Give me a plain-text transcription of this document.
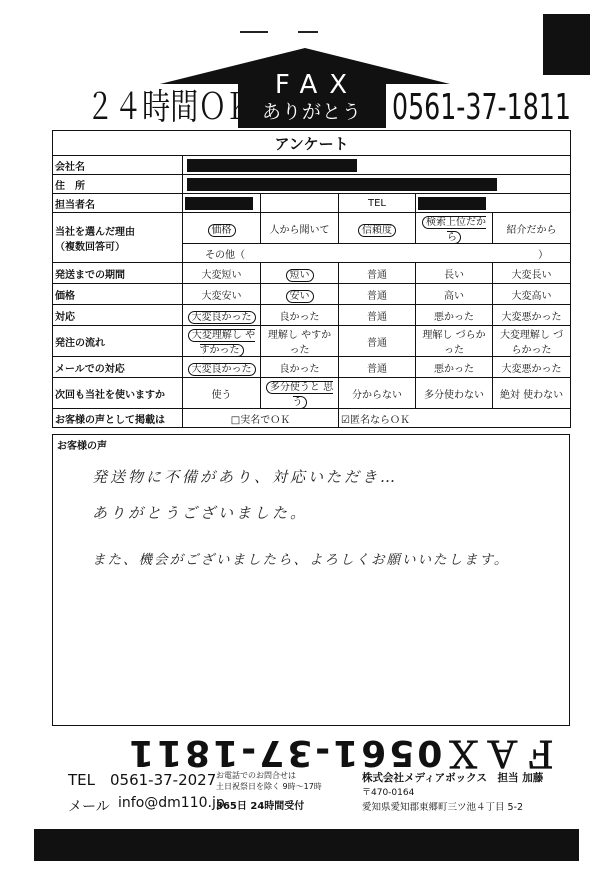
FAX
ありがとう
２４時間ＯＫ	0561-37-1811
アンケート					
会社名					
住　所					
担当者名			TEL		

当社を選んだ理由
（複数回答可）	価格	人から聞いて	信頼度	検索上位だから	紹介だから
	その他（ ）				

発送までの期間	大変短い	短い	普通	長い	大変長い
価格	大変安い	安い	普通	高い	大変高い
対応	大変良かった	良かった	普通	悪かった	大変悪かった
発注の流れ	大変理解し やすかった	理解し やすかった	普通	理解し づらかった	大変理解し づらかった
メールでの対応	大変良かった	良かった	普通	悪かった	大変悪かった
次回も当社を使いますか	使う	多分使うと 思う	分からない	多分使わない	絶対 使わない
お客様の声として掲載は	□実名でＯＫ		☑匿名ならＯＫ		
お客様の声
発送物に不備があり、対応いただき…
ありがとうございました。
また、機会がございましたら、よろしくお願いいたします。
ＦＡＸ0561-37-1811
TEL 0561-37-2027 お電話でのお問合せは
土日祝祭日を除く 9時〜17時
メール info@dm110.jp
365日 24時間受付
株式会社メディアボックス　担当 加藤
〒470-0164
愛知県愛知郡東郷町三ツ池４丁目 5-2
